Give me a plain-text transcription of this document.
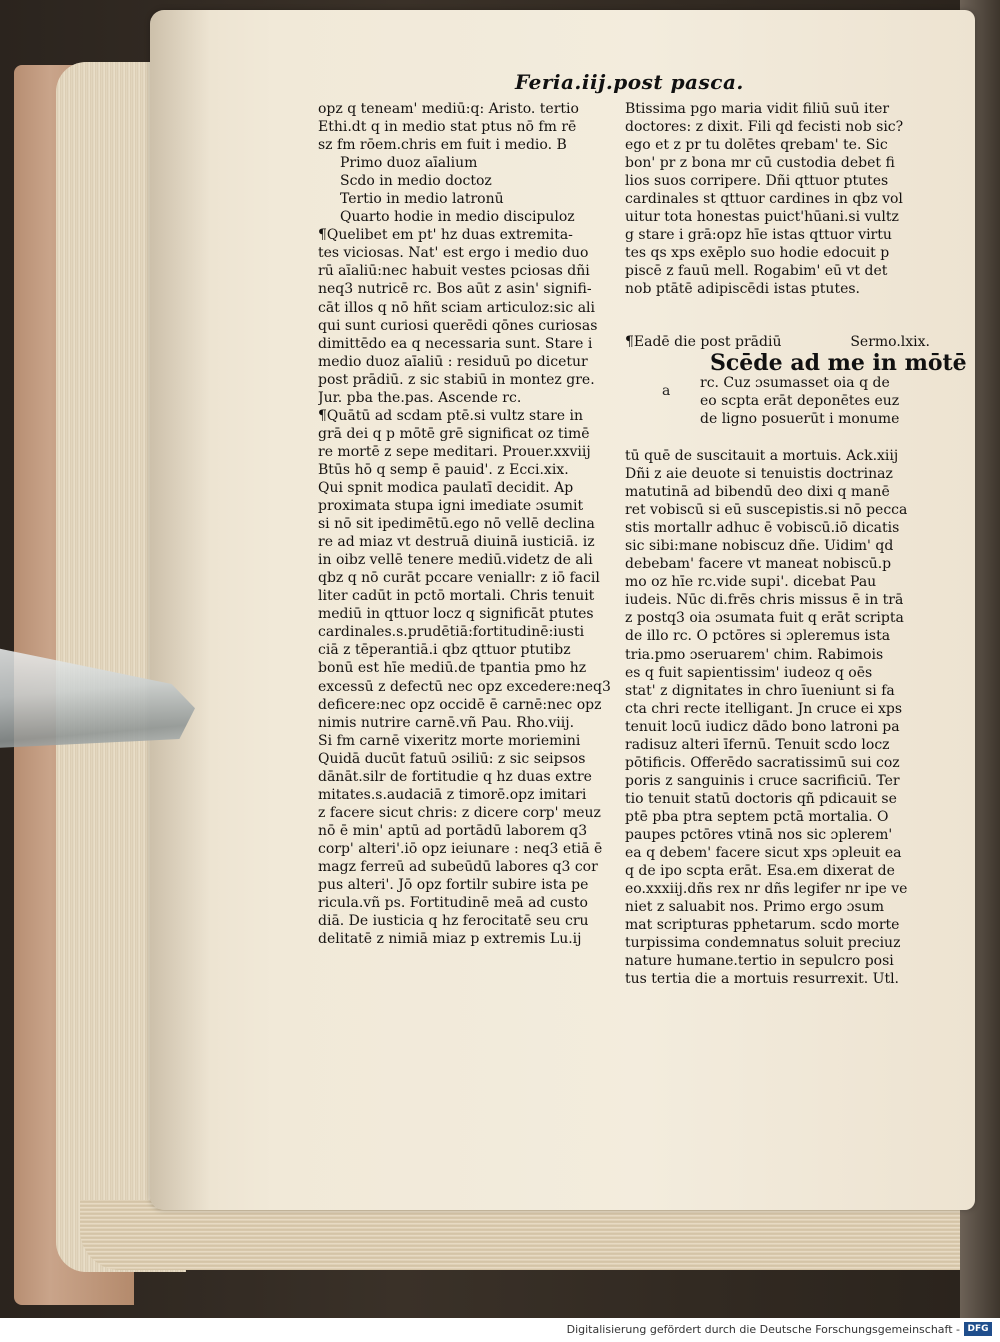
Feria.iij.post pasca.
opz q teneam' mediū:q: Aristo. tertio
Ethi.dt q in medio stat ptus nō fm rē
sz fm rōem.chris em fuit i medio. B
Primo duoz aīalium
Scdo in medio doctoz
Tertio in medio latronū
Quarto hodie in medio discipuloz
¶Quelibet em pt' hz duas extremita-
tes viciosas. Nat' est ergo i medio duo
rū aīaliū:nec habuit vestes pciosas dñi
neq3 nutricē rc. Bos aūt z asin' signifi-
cāt illos q nō hñt sciam articuloz:sic ali
qui sunt curiosi querēdi qōnes curiosas
dimittēdo ea q necessaria sunt. Stare i
medio duoz aīaliū : residuū po dicetur
post prādiū. z sic stabiū in montez gre.
Jur. pba the.pas. Ascende rc.
¶Quātū ad scdam ptē.si vultz stare in
grā dei q p mōtē grē significat oz timē
re mortē z sepe meditari. Prouer.xxviij
Btūs hō q semp ē pauid'. z Ecci.xix.
Qui spnit modica paulatī decidit. Ap
proximata stupa igni imediate ɔsumit
si nō sit ipedimētū.ego nō vellē declina
re ad miaz vt destruā diuinā iusticiā. iz
in oibz vellē tenere mediū.videtz de ali
qbz q nō curāt pccare veniallr: z iō facil
liter cadūt in pctō mortali. Chris tenuit
mediū in qttuor locz q significāt ptutes
cardinales.s.prudētiā:fortitudinē:iusti
ciā z tēperantiā.i qbz qttuor ptutibz
bonū est hīe mediū.de tpantia pmo hz
excessū z defectū nec opz excedere:neq3
deficere:nec opz occidē ē carnē:nec opz
nimis nutrire carnē.vñ Pau. Rho.viij.
Si fm carnē vixeritz morte moriemini
Quidā ducūt fatuū ɔsiliū: z sic seipsos
dānāt.silr de fortitudie q hz duas extre
mitates.s.audaciā z timorē.opz imitari
z facere sicut chris: z dicere corp' meuz
nō ē min' aptū ad portādū laborem q3
corp' alteri'.iō opz ieiunare : neq3 etiā ē
magz ferreū ad subeūdū labores q3 cor
pus alteri'. Jō opz fortilr subire ista pe
ricula.vñ ps. Fortitudinē meā ad custo
diā. De iusticia q hz ferocitatē seu cru
delitatē z nimiā miaz p extremis Lu.ij
Btissima pgo maria vidit filiū suū iter
doctores: z dixit. Fili qd fecisti nob sic?
ego et z pr tu dolētes qrebam' te. Sic
bon' pr z bona mr cū custodia debet fi
lios suos corripere. Dñi qttuor ptutes
cardinales st qttuor cardines in qbz vol
uitur tota honestas puict'hūani.si vultz
g stare i grā:opz hīe istas qttuor virtu
tes qs xps exēplo suo hodie edocuit p
piscē z fauū mell. Rogabim' eū vt det
nob ptātē adipiscēdi istas ptutes.
¶Eadē die post prādiū	Sermo.lxix.
Scēde ad me in mōtē
a rc. Cuz ɔsumasset oia q de
eo scpta erāt deponētes euz
de ligno posuerūt i monume
tū quē de suscitauit a mortuis. Ack.xiij
Dñi z aie deuote si tenuistis doctrinaz
matutinā ad bibendū deo dixi q manē
ret vobiscū si eū suscepistis.si nō pecca
stis mortallr adhuc ē vobiscū.iō dicatis
sic sibi:mane nobiscuz dñe. Uidim' qd
debebam' facere vt maneat nobiscū.p
mo oz hīe rc.vide supi'. dicebat Pau
iudeis. Nūc di.frēs chris missus ē in trā
z postq3 oia ɔsumata fuit q erāt scripta
de illo rc. O pctōres si ɔpleremus ista
tria.pmo ɔseruarem' chim. Rabimois
es q fuit sapientissim' iudeoz q oēs
stat' z dignitates in chro īueniunt si fa
cta chri recte itelligant. Jn cruce ei xps
tenuit locū iudicz dādo bono latroni pa
radisuz alteri īfernū. Tenuit scdo locz
pōtificis. Offerēdo sacratissimū sui coz
poris z sanguinis i cruce sacrificiū. Ter
tio tenuit statū doctoris qñ pdicauit se
ptē pba ptra septem pctā mortalia. O
paupes pctōres vtinā nos sic ɔplerem'
ea q debem' facere sicut xps ɔpleuit ea
q de ipo scpta erāt. Esa.em dixerat de
eo.xxxiij.dñs rex nr dñs legifer nr ipe ve
niet z saluabit nos. Primo ergo ɔsum
mat scripturas pphetarum. scdo morte
turpissima condemnatus soluit preciuz
nature humane.tertio in sepulcro posi
tus tertia die a mortuis resurrexit. Utl.
Digitalisierung gefördert durch die Deutsche Forschungsgemeinschaft - DFG
